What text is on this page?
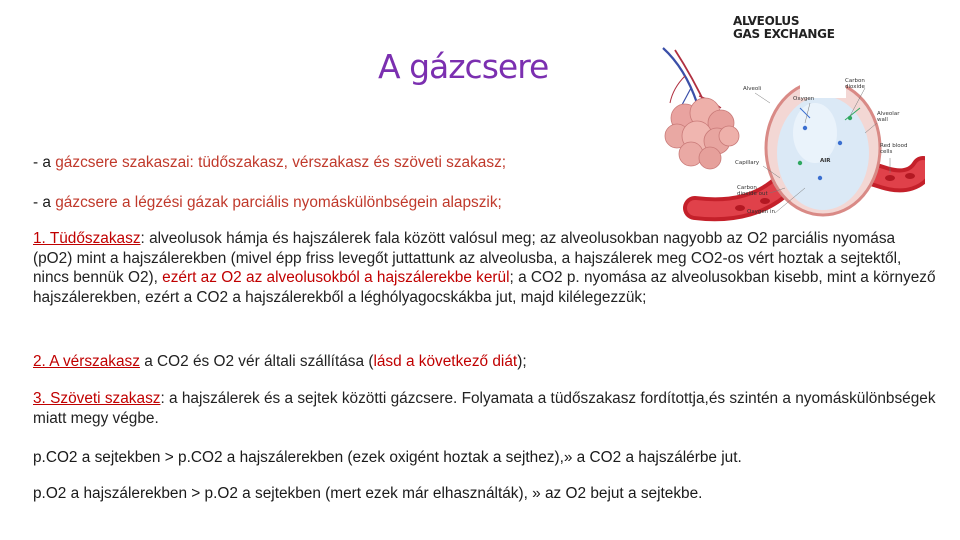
A gázcsere
ALVEOLUS
GAS EXCHANGE
Alveoli
Oxygen
Carbon dioxide
Alveolar wall
AIR
Red blood cells
Capillary
Carbon dioxide out
Oxygen in

- a gázcsere szakaszai: tüdőszakasz, vérszakasz és szöveti szakasz;

- a gázcsere a légzési gázak parciális nyomáskülönbségein alapszik;

1. Tüdőszakasz: alveolusok hámja és hajszálerek fala között valósul meg; az alveolusokban nagyobb az O2 parciális nyomása (pO2) mint a hajszálerekben (mivel épp friss levegőt juttattunk az alveolusba, a hajszálerek meg CO2-os vért hoztak a sejtektől, nincs bennük O2), ezért az O2 az alveolusokból a hajszálerekbe kerül; a CO2 p. nyomása az alveolusokban kisebb, mint a környező hajszálerekben, ezért a CO2 a hajszálerekből a léghólyagocskákba jut, majd kilélegezzük;

2. A vérszakasz a CO2 és O2 vér általi szállítása (lásd a következő diát);

3. Szöveti szakasz: a hajszálerek és a sejtek közötti gázcsere. Folyamata a tüdőszakasz fordítottja,és szintén a nyomáskülönbségek miatt megy végbe.

p.CO2 a sejtekben > p.CO2 a hajszálerekben (ezek oxigént hoztak a sejthez),» a CO2 a hajszálérbe jut.

p.O2 a hajszálerekben > p.O2 a sejtekben (mert ezek már elhasználták), » az O2 bejut a sejtekbe.
